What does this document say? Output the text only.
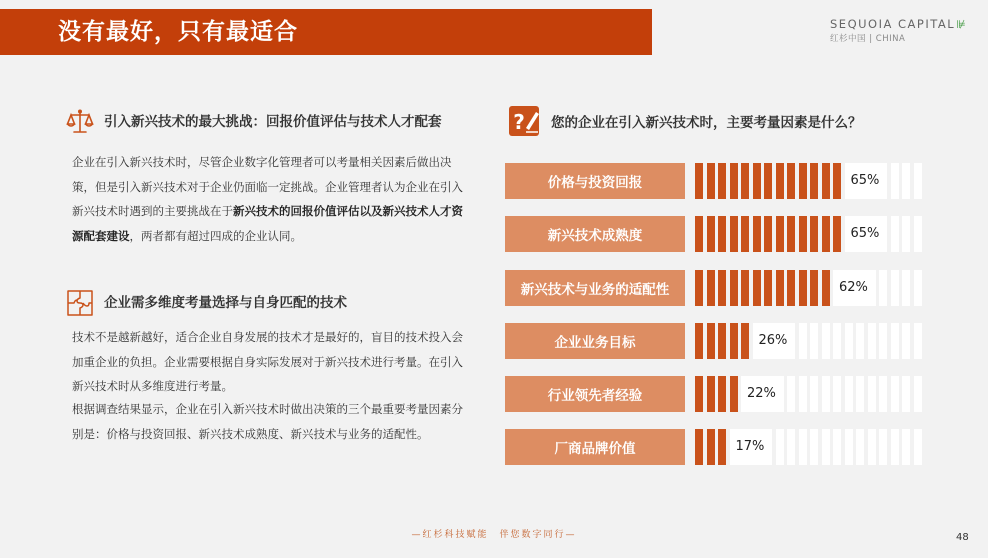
没有最好，只有最适合	SEQUOIA CAPITAL⊯
红杉中国 | CHINA
引入新兴技术的最大挑战：回报价值评估与技术人才配套

企业在引入新兴技术时，尽管企业数字化管理者可以考量相关因素后做出决策，但是引入新兴技术对于企业仍面临一定挑战。企业管理者认为企业在引入新兴技术时遇到的主要挑战在于新兴技术的回报价值评估以及新兴技术人才资源配套建设，两者都有超过四成的企业认同。

企业需多维度考量选择与自身匹配的技术

技术不是越新越好，适合企业自身发展的技术才是最好的，盲目的技术投入会加重企业的负担。企业需要根据自身实际发展对于新兴技术进行考量。在引入新兴技术时从多维度进行考量。

根据调查结果显示，企业在引入新兴技术时做出决策的三个最重要考量因素分别是：价格与投资回报、新兴技术成熟度、新兴技术与业务的适配性。

? 您的企业在引入新兴技术时，主要考量因素是什么？
价格与投资回报	65%
新兴技术成熟度	65%
新兴技术与业务的适配性	62%
企业业务目标	26%
行业领先者经验	22%
厂商品牌价值	17%
—红杉科技赋能　伴您数字同行—	48
